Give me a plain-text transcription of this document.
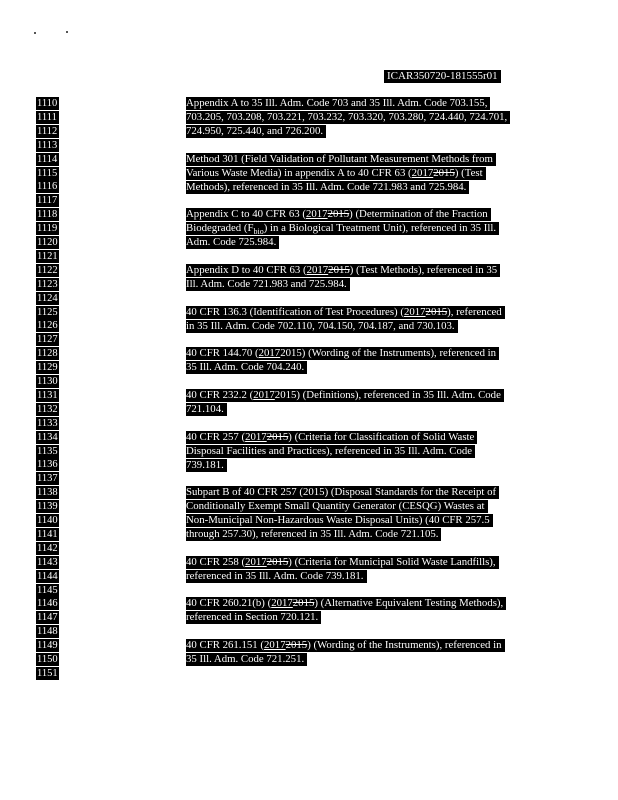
ICAR350720-181555r01
1110
1111
1112
1113
1114
1115
1116
1117
1118
1119
1120
1121
1122
1123
1124
1125
1126
1127
1128
1129
1130
1131
1132
1133
1134
1135
1136
1137
1138
1139
1140
1141
1142
1143
1144
1145
1146
1147
1148
1149
1150
1151
Appendix A to 35 Ill. Adm. Code 703 and 35 Ill. Adm. Code 703.155,
703.205, 703.208, 703.221, 703.232, 703.320, 703.280, 724.440, 724.701,
724.950, 725.440, and 726.200.
Method 301 (Field Validation of Pollutant Measurement Methods from
Various Waste Media) in appendix A to 40 CFR 63 (20172015) (Test
Methods), referenced in 35 Ill. Adm. Code 721.983 and 725.984.
Appendix C to 40 CFR 63 (20172015) (Determination of the Fraction
Biodegraded $(F_{bio})$ in a Biological Treatment Unit), referenced in 35 Ill.
Adm. Code 725.984.
Appendix D to 40 CFR 63 (20172015) (Test Methods), referenced in 35
Ill. Adm. Code 721.983 and 725.984.
40 CFR 136.3 (Identification of Test Procedures) (20172015), referenced
in 35 Ill. Adm. Code 702.110, 704.150, 704.187, and 730.103.
40 CFR 144.70 (20172015) (Wording of the Instruments), referenced in
35 Ill. Adm. Code 704.240.
40 CFR 232.2 (20172015) (Definitions), referenced in 35 Ill. Adm. Code
721.104.
40 CFR 257 (20172015) (Criteria for Classification of Solid Waste
Disposal Facilities and Practices), referenced in 35 Ill. Adm. Code
739.181.
Subpart B of 40 CFR 257 (2015) (Disposal Standards for the Receipt of
Conditionally Exempt Small Quantity Generator (CESQG) Wastes at
Non-Municipal Non-Hazardous Waste Disposal Units) (40 CFR 257.5
through 257.30), referenced in 35 Ill. Adm. Code 721.105.
40 CFR 258 (20172015) (Criteria for Municipal Solid Waste Landfills),
referenced in 35 Ill. Adm. Code 739.181.
40 CFR 260.21(b) (20172015) (Alternative Equivalent Testing Methods),
referenced in Section 720.121.
40 CFR 261.151 (20172015) (Wording of the Instruments), referenced in
35 Ill. Adm. Code 721.251.
